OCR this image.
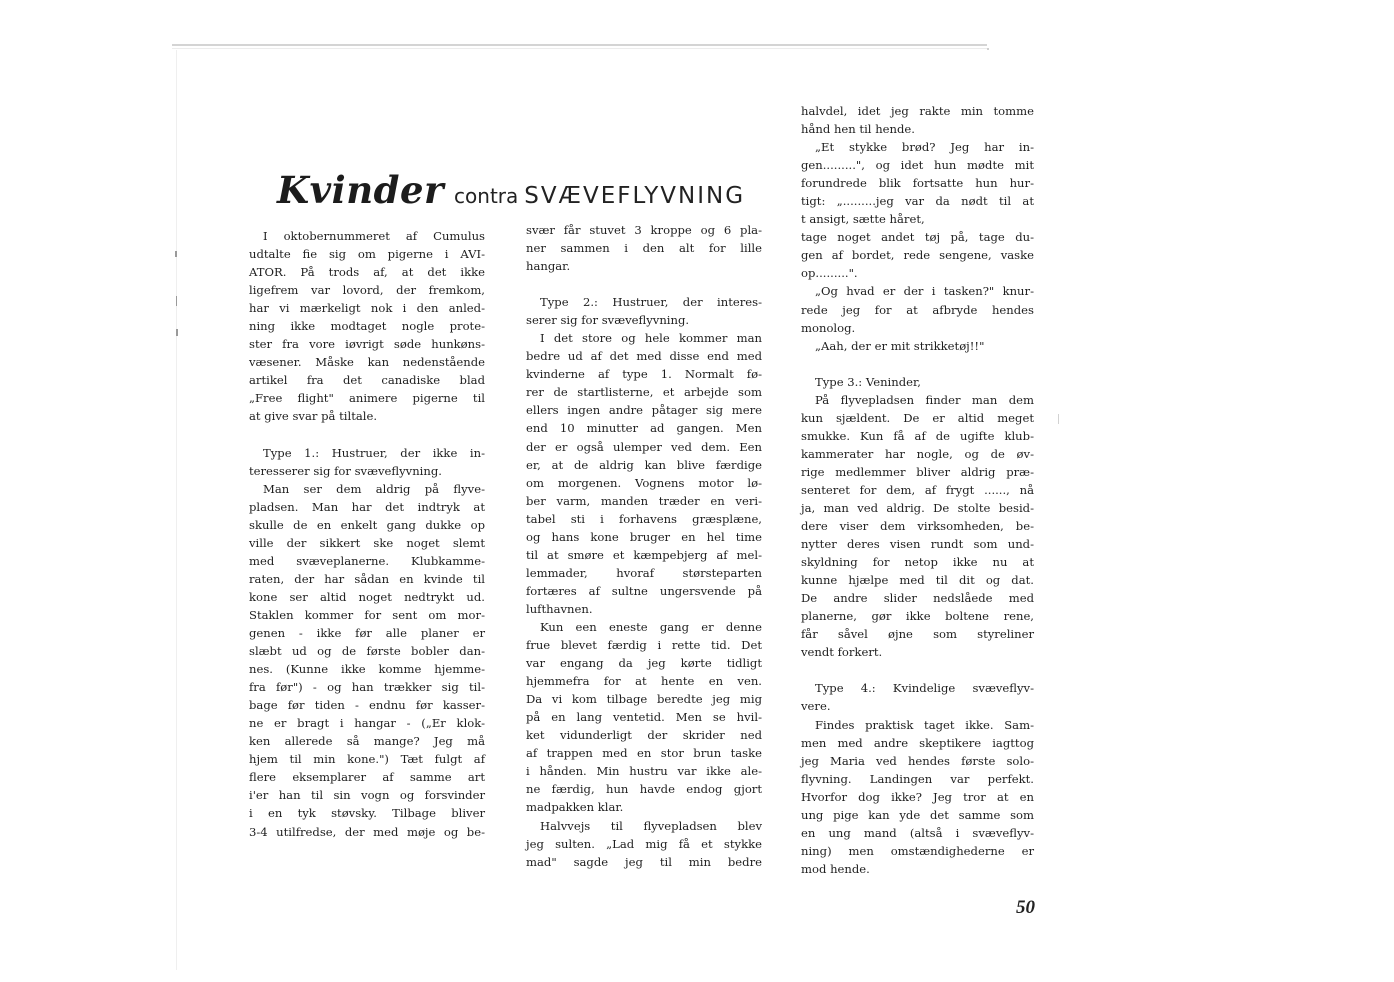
Kvinder contra SVÆVEFLYVNING
I oktobernummeret af Cumulus
udtalte fie sig om pigerne i AVI-
ATOR. På trods af, at det ikke
ligefrem var lovord, der fremkom,
har vi mærkeligt nok i den anled-
ning ikke modtaget nogle prote-
ster fra vore iøvrigt søde hunkøns-
væsener. Måske kan nedenstående
artikel fra det canadiske blad
„Free flight" animere pigerne til
at give svar på tiltale.
Type 1.: Hustruer, der ikke in-
teresserer sig for svæveflyvning.
Man ser dem aldrig på flyve-
pladsen. Man har det indtryk at
skulle de en enkelt gang dukke op
ville der sikkert ske noget slemt
med svæveplanerne. Klubkamme-
raten, der har sådan en kvinde til
kone ser altid noget nedtrykt ud.
Staklen kommer for sent om mor-
genen - ikke før alle planer er
slæbt ud og de første bobler dan-
nes. (Kunne ikke komme hjemme-
fra før") - og han trækker sig til-
bage før tiden - endnu før kasser-
ne er bragt i hangar - („Er klok-
ken allerede så mange? Jeg må
hjem til min kone.") Tæt fulgt af
flere eksemplarer af samme art
i'er han til sin vogn og forsvinder
i en tyk støvsky. Tilbage bliver
3-4 utilfredse, der med møje og be-
svær får stuvet 3 kroppe og 6 pla-
ner sammen i den alt for lille
hangar.
Type 2.: Hustruer, der interes-
serer sig for svæveflyvning.
I det store og hele kommer man
bedre ud af det med disse end med
kvinderne af type 1. Normalt fø-
rer de startlisterne, et arbejde som
ellers ingen andre påtager sig mere
end 10 minutter ad gangen. Men
der er også ulemper ved dem. Een
er, at de aldrig kan blive færdige
om morgenen. Vognens motor lø-
ber varm, manden træder en veri-
tabel sti i forhavens græsplæne,
og hans kone bruger en hel time
til at smøre et kæmpebjerg af mel-
lemmader, hvoraf størsteparten
fortæres af sultne ungersvende på
lufthavnen.
Kun een eneste gang er denne
frue blevet færdig i rette tid. Det
var engang da jeg kørte tidligt
hjemmefra for at hente en ven.
Da vi kom tilbage beredte jeg mig
på en lang ventetid. Men se hvil-
ket vidunderligt der skrider ned
af trappen med en stor brun taske
i hånden. Min hustru var ikke ale-
ne færdig, hun havde endog gjort
madpakken klar.
Halvvejs til flyvepladsen blev
jeg sulten. „Lad mig få et stykke
mad" sagde jeg til min bedre
halvdel, idet jeg rakte min tomme
hånd hen til hende.
„Et stykke brød? Jeg har in-
gen.........", og idet hun mødte mit
forundrede blik fortsatte hun hur-
tigt: „.........jeg var da nødt til at
t ansigt, sætte håret,
tage noget andet tøj på, tage du-
gen af bordet, rede sengene, vaske
op.........".
„Og hvad er der i tasken?" knur-
rede jeg for at afbryde hendes
monolog.
„Aah, der er mit strikketøj!!"
Type 3.: Veninder,
På flyvepladsen finder man dem
kun sjældent. De er altid meget
smukke. Kun få af de ugifte klub-
kammerater har nogle, og de øv-
rige medlemmer bliver aldrig præ-
senteret for dem, af frygt ......, nå
ja, man ved aldrig. De stolte besid-
dere viser dem virksomheden, be-
nytter deres visen rundt som und-
skyldning for netop ikke nu at
kunne hjælpe med til dit og dat.
De andre slider nedslåede med
planerne, gør ikke boltene rene,
får såvel øjne som styreliner
vendt forkert.
Type 4.: Kvindelige svæveflyv-
vere.
Findes praktisk taget ikke. Sam-
men med andre skeptikere iagttog
jeg Maria ved hendes første solo-
flyvning. Landingen var perfekt.
Hvorfor dog ikke? Jeg tror at en
ung pige kan yde det samme som
en ung mand (altså i svæveflyv-
ning) men omstændighederne er
mod hende.
50
